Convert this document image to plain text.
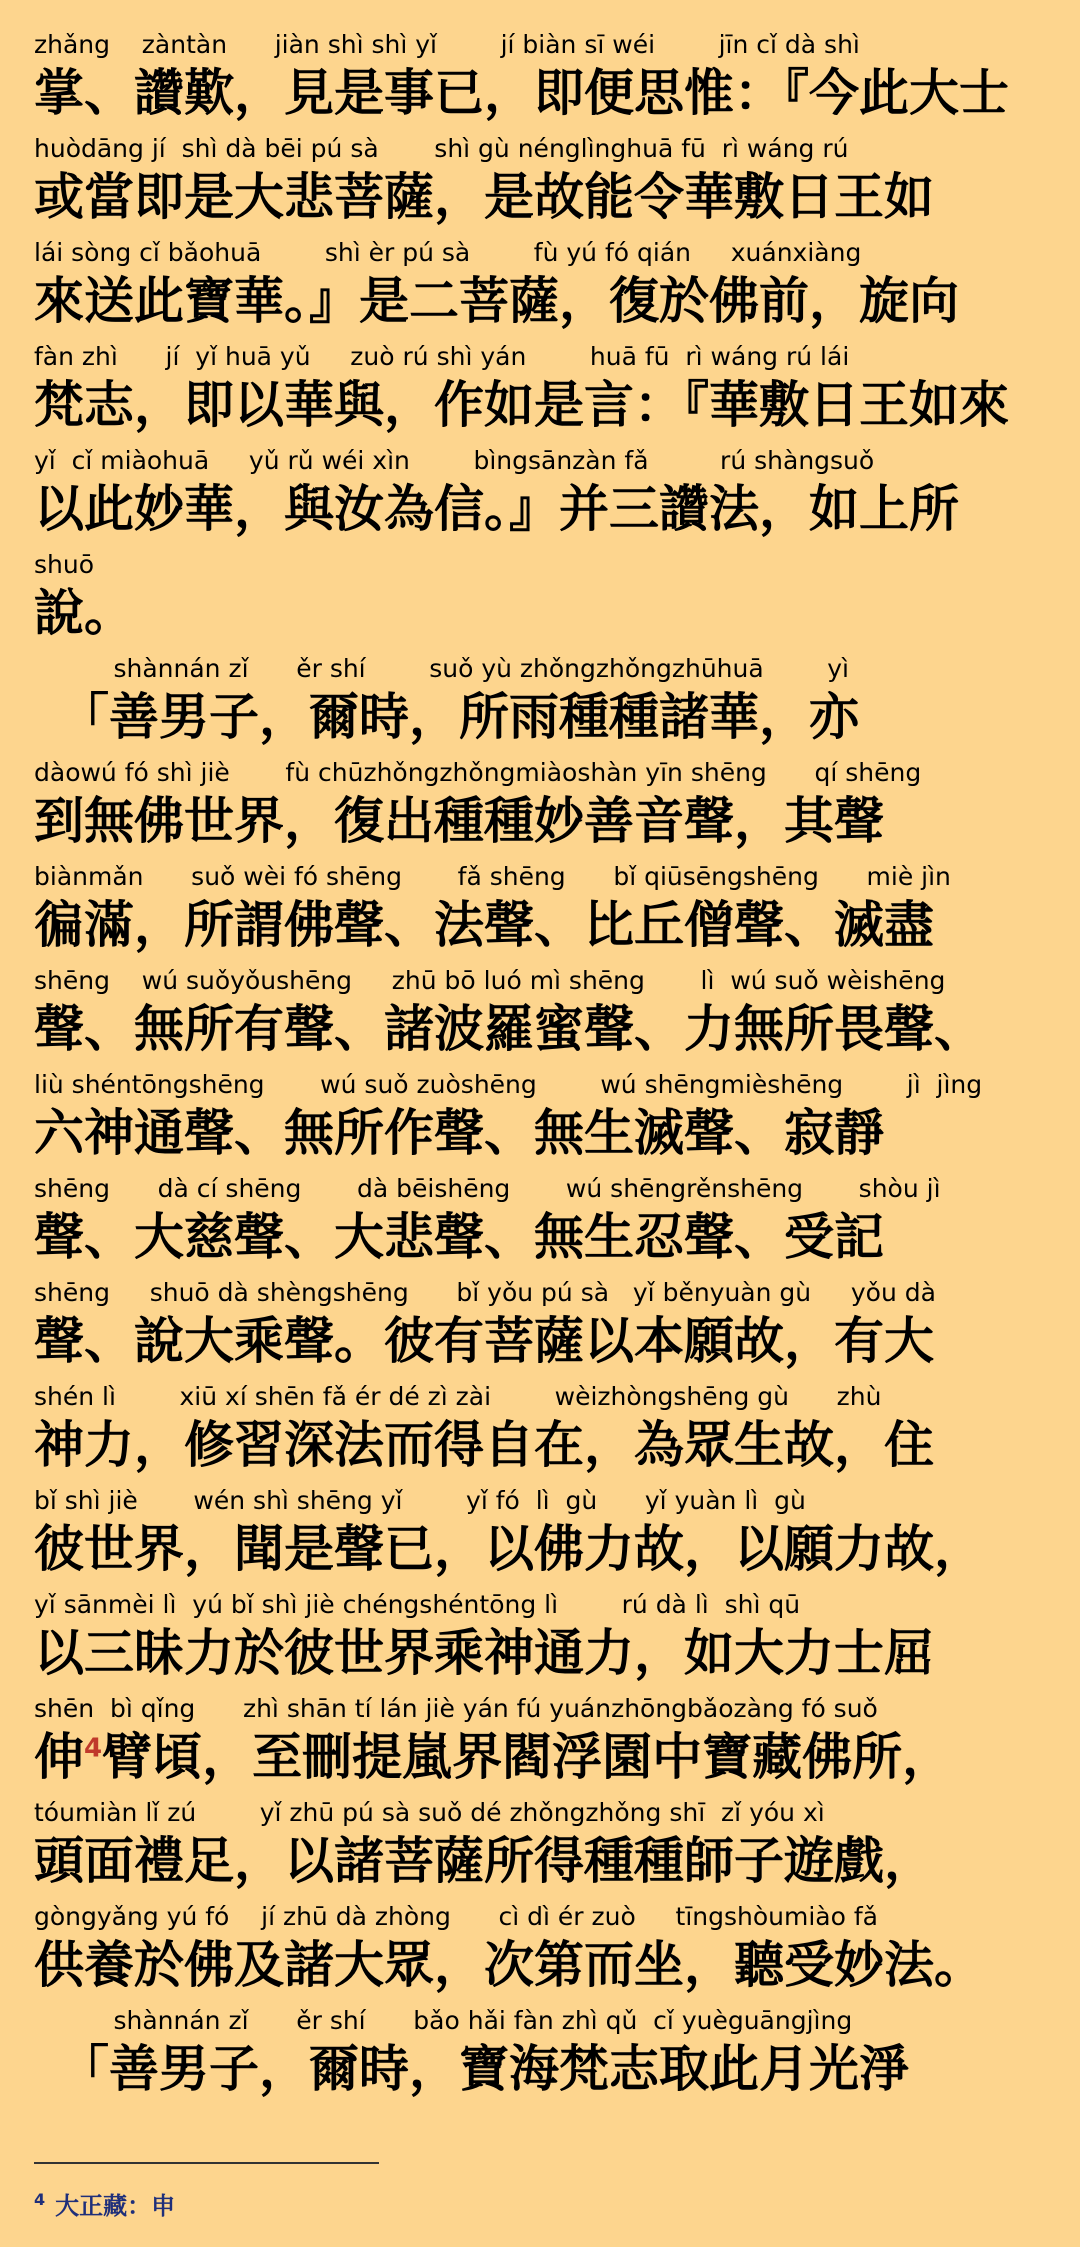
zhǎng    zàntàn      jiàn shì shì yǐ        jí biàn sī wéi        jīn cǐ dà shì
掌、讚歎，見是事已，即便思惟：『今此大士
huòdāng jí  shì dà bēi pú sà       shì gù nénglìnghuā fū  rì wáng rú
或當即是大悲菩薩，是故能令華敷日王如
lái sòng cǐ bǎohuā        shì èr pú sà        fù yú fó qián     xuánxiàng
來送此寶華。』是二菩薩，復於佛前，旋向
fàn zhì      jí  yǐ huā yǔ     zuò rú shì yán        huā fū  rì wáng rú lái
梵志，即以華與，作如是言：『華敷日王如來
yǐ  cǐ miàohuā     yǔ rǔ wéi xìn        bìngsānzàn fǎ         rú shàngsuǒ
以此妙華，與汝為信。』并三讚法，如上所
shuō
說。
shànnán zǐ      ěr shí        suǒ yù zhǒngzhǒngzhūhuā        yì
　「善男子，爾時，所雨種種諸華，亦
dàowú fó shì jiè       fù chūzhǒngzhǒngmiàoshàn yīn shēng      qí shēng
到無佛世界，復出種種妙善音聲，其聲
biànmǎn      suǒ wèi fó shēng       fǎ shēng      bǐ qiūsēngshēng      miè jìn
徧滿，所謂佛聲、法聲、比丘僧聲、滅盡
shēng    wú suǒyǒushēng     zhū bō luó mì shēng       lì  wú suǒ wèishēng
聲、無所有聲、諸波羅蜜聲、力無所畏聲、
liù shéntōngshēng       wú suǒ zuòshēng        wú shēngmièshēng        jì  jìng
六神通聲、無所作聲、無生滅聲、寂靜
shēng      dà cí shēng       dà bēishēng       wú shēngrěnshēng       shòu jì
聲、大慈聲、大悲聲、無生忍聲、受記
shēng     shuō dà shèngshēng      bǐ yǒu pú sà   yǐ běnyuàn gù     yǒu dà
聲、說大乘聲。彼有菩薩以本願故，有大
shén lì        xiū xí shēn fǎ ér dé zì zài        wèizhòngshēng gù      zhù
神力，修習深法而得自在，為眾生故，住
bǐ shì jiè       wén shì shēng yǐ        yǐ fó  lì  gù      yǐ yuàn lì  gù
彼世界，聞是聲已，以佛力故，以願力故，
yǐ sānmèi lì  yú bǐ shì jiè chéngshéntōng lì        rú dà lì  shì qū
以三昧力於彼世界乘神通力，如大力士屈
shēn  bì qǐng      zhì shān tí lán jiè yán fú yuánzhōngbǎozàng fó suǒ
伸$^4$臂頃，至刪提嵐界閻浮園中寶藏佛所，
tóumiàn lǐ zú        yǐ zhū pú sà suǒ dé zhǒngzhǒng shī  zǐ yóu xì
頭面禮足，以諸菩薩所得種種師子遊戲，
gòngyǎng yú fó    jí zhū dà zhòng      cì dì ér zuò     tīngshòumiào fǎ
供養於佛及諸大眾，次第而坐，聽受妙法。
shànnán zǐ      ěr shí      bǎo hǎi fàn zhì qǔ  cǐ yuèguāngjìng
　「善男子，爾時，寶海梵志取此月光淨
$^4$ 大正藏：申
